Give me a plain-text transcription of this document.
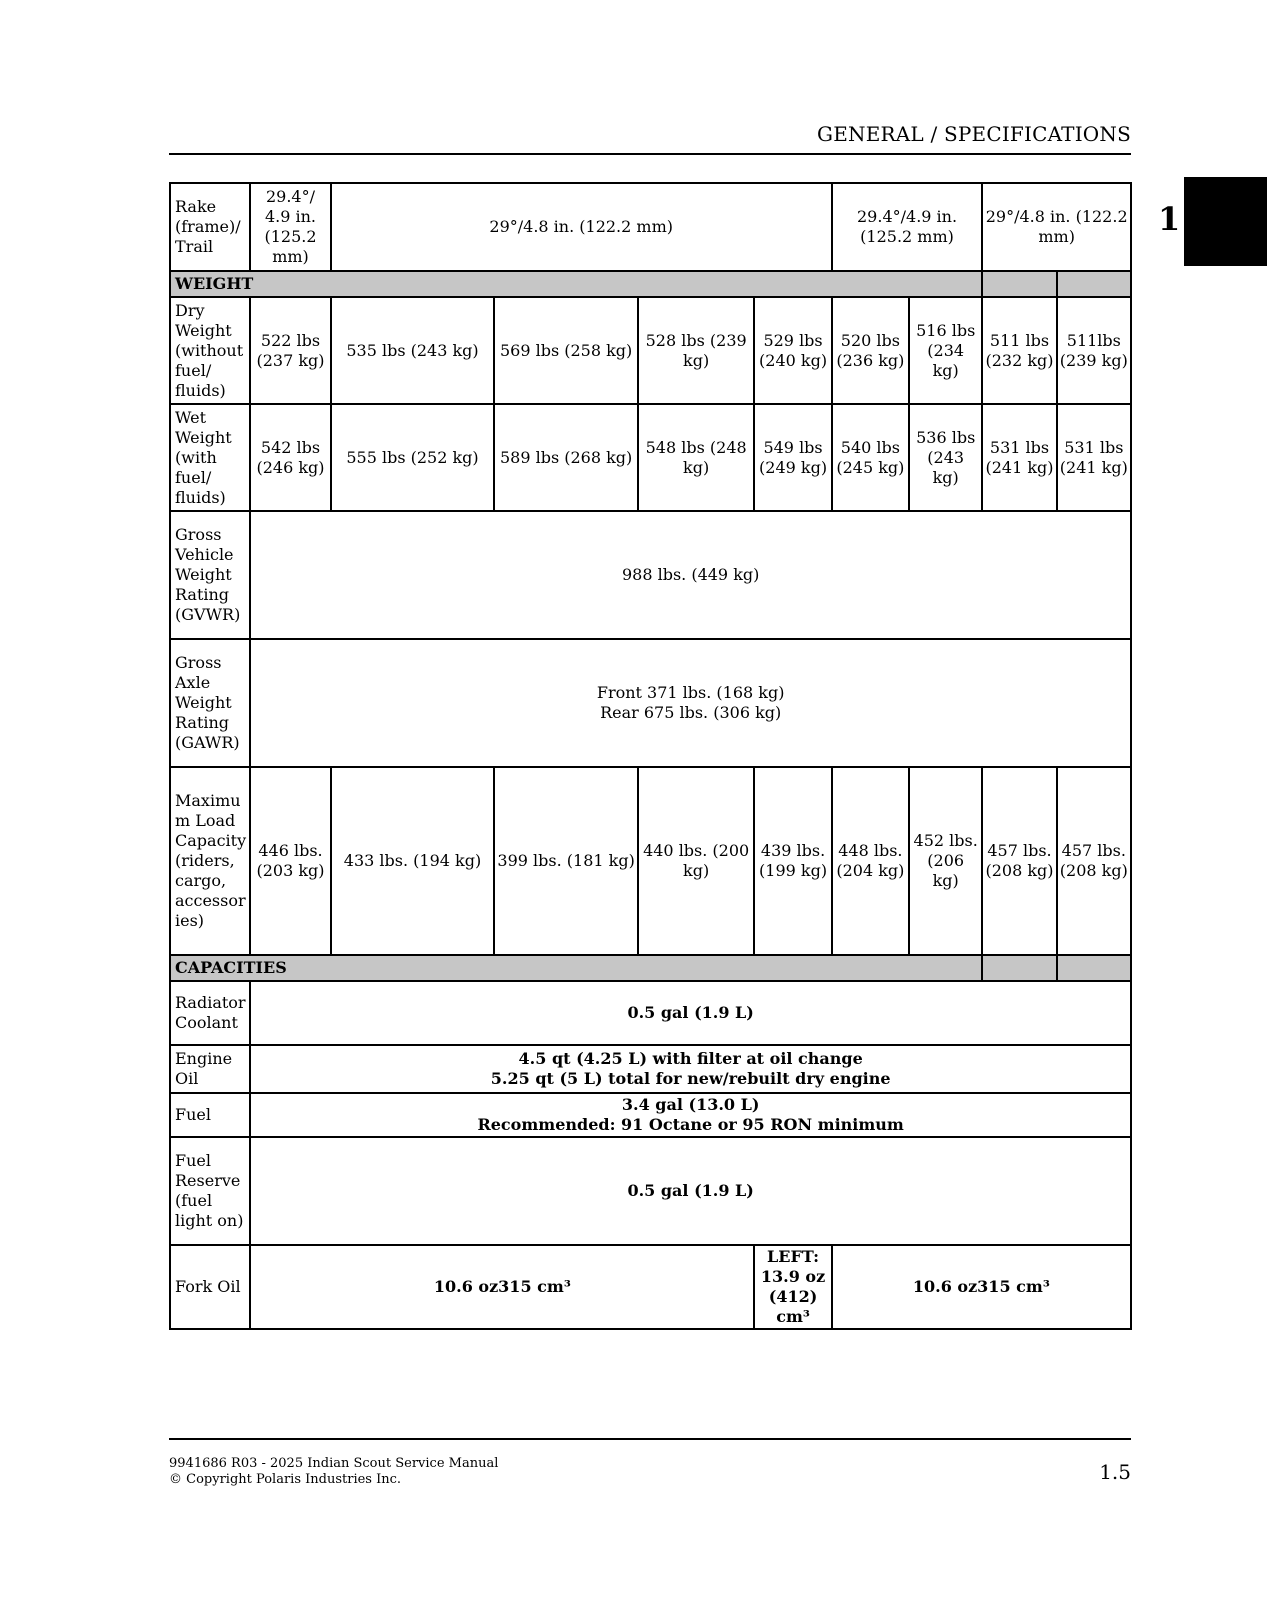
GENERAL / SPECIFICATIONS
1
Rake (frame)/Trail	29.4°/ 4.9 in. (125.2 mm)	29°/4.8 in. (122.2 mm)				29.4°/4.9 in. (125.2 mm)		29°/4.8 in. (122.2 mm)	
WEIGHT									
Dry Weight (without fuel/ fluids)	522 lbs (237 kg)	535 lbs (243 kg)	569 lbs (258 kg)	528 lbs (239 kg)	529 lbs (240 kg)	520 lbs (236 kg)	516 lbs (234 kg)	511 lbs (232 kg)	511lbs (239 kg)
Wet Weight (with fuel/ fluids)	542 lbs (246 kg)	555 lbs (252 kg)	589 lbs (268 kg)	548 lbs (248 kg)	549 lbs (249 kg)	540 lbs (245 kg)	536 lbs (243 kg)	531 lbs (241 kg)	531 lbs (241 kg)
Gross Vehicle Weight Rating (GVWR)	988 lbs. (449 kg)								
Gross Axle Weight Rating (GAWR)	Front 371 lbs. (168 kg)
Rear 675 lbs. (306 kg)								

Maximum Load Capacity (riders, cargo, accessories)	446 lbs. (203 kg)	433 lbs. (194 kg)	399 lbs. (181 kg)	440 lbs. (200 kg)	439 lbs. (199 kg)	448 lbs. (204 kg)	452 lbs. (206 kg)	457 lbs. (208 kg)	457 lbs. (208 kg)
CAPACITIES									
Radiator Coolant	0.5 gal (1.9 L)								
Engine Oil	4.5 qt (4.25 L) with filter at oil change
5.25 qt (5 L) total for new/rebuilt dry engine								

Fuel	3.4 gal (13.0 L)
Recommended: 91 Octane or 95 RON minimum								

Fuel Reserve (fuel light on)	0.5 gal (1.9 L)								
Fork Oil	10.6 oz315 cm³				LEFT: 13.9 oz (412) cm³	10.6 oz315 cm³			
9941686 R03 - 2025 Indian Scout Service Manual
© Copyright Polaris Industries Inc.	1.5
